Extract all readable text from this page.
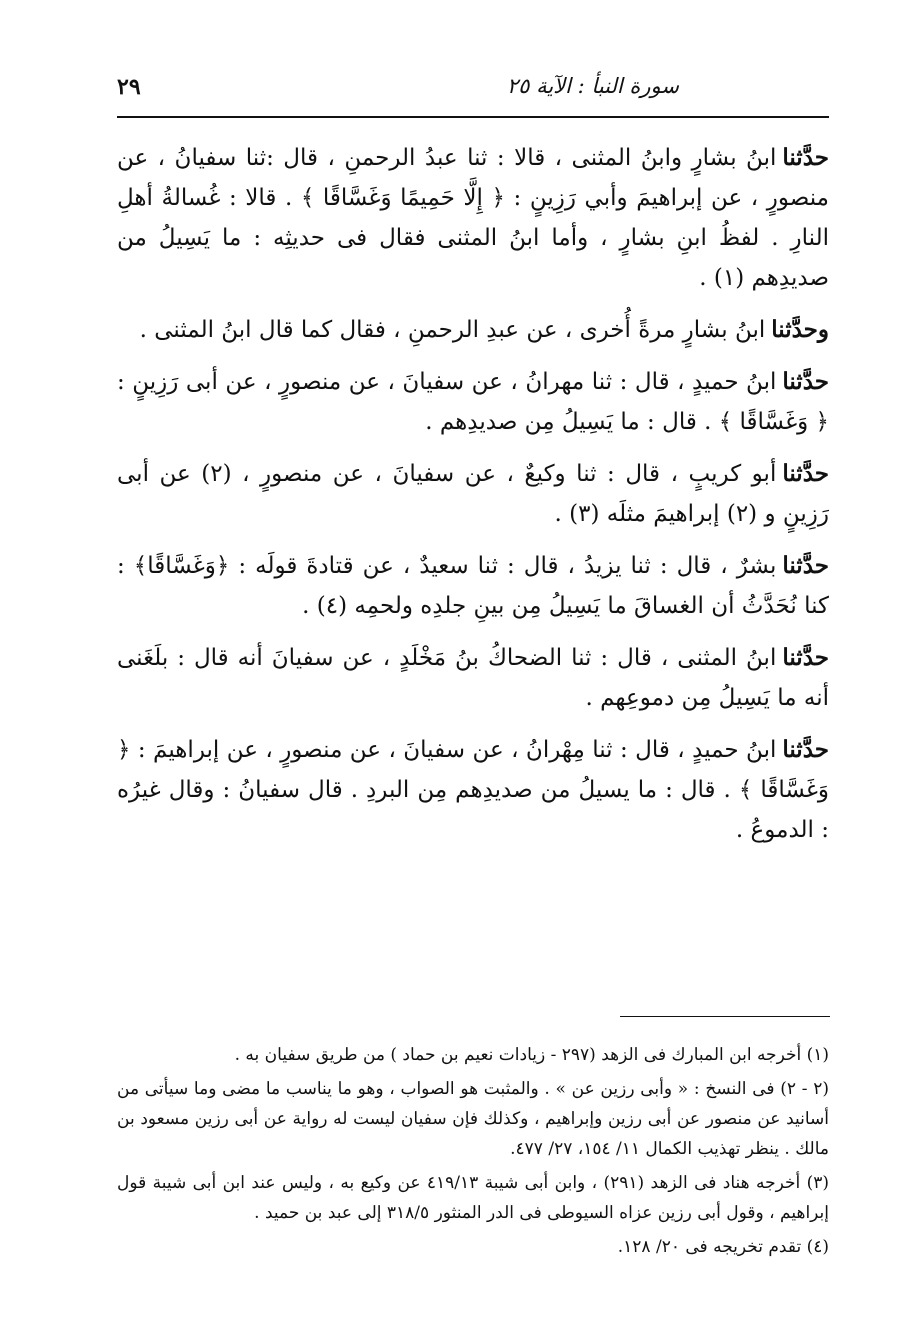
سورة النبأ : الآية ٢٥
٢٩

حدَّثناابنُ بشارٍ وابنُ المثنى ، قالا : ثنا عبدُ الرحمنِ ، قال :ثنا سفيانُ ، عن منصورٍ ، عن إبراهيمَ وأبي رَزِينٍ : ﴿ إِلَّا حَمِيمًا وَغَسَّاقًا ﴾ . قالا : غُسالةُ أهلِ النارِ . لفظُ ابنِ بشارٍ ، وأما ابنُ المثنى فقال فى حديثِه : ما يَسِيلُ من صديدِهم (١) .

وحدَّثناابنُ بشارٍ مرةً أُخرى ، عن عبدِ الرحمنِ ، فقال كما قال ابنُ المثنى .

حدَّثناابنُ حميدٍ ، قال : ثنا مهرانُ ، عن سفيانَ ، عن منصورٍ ، عن أبى رَزِينٍ : ﴿ وَغَسَّاقًا ﴾ . قال : ما يَسِيلُ مِن صديدِهم .

حدَّثناأبو كريبٍ ، قال : ثنا وكيعٌ ، عن سفيانَ ، عن منصورٍ ، (٢) عن أبى رَزِينٍ و (٢) إبراهيمَ مثلَه (٣) .

حدَّثنابشرٌ ، قال : ثنا يزيدُ ، قال : ثنا سعيدٌ ، عن قتادةَ قولَه : ﴿وَغَسَّاقًا﴾ : كنا نُحَدَّثُ أن الغساقَ ما يَسِيلُ مِن بينِ جلدِه ولحمِه (٤) .

حدَّثناابنُ المثنى ، قال : ثنا الضحاكُ بنُ مَخْلَدٍ ، عن سفيانَ أنه قال : بلَغَنى أنه ما يَسِيلُ مِن دموعِهم .

حدَّثناابنُ حميدٍ ، قال : ثنا مِهْرانُ ، عن سفيانَ ، عن منصورٍ ، عن إبراهيمَ : ﴿ وَغَسَّاقًا ﴾ . قال : ما يسيلُ من صديدِهم مِن البردِ . قال سفيانُ : وقال غيرُه : الدموعُ .

(١) أخرجه ابن المبارك فى الزهد (٢٩٧ - زيادات نعيم بن حماد ) من طريق سفيان به .

(٢ - ٢) فى النسخ : « وأبى رزين عن » . والمثبت هو الصواب ، وهو ما يناسب ما مضى وما سيأتى من أسانيد عن منصور عن أبى رزين وإبراهيم ، وكذلك فإن سفيان ليست له رواية عن أبى رزين مسعود بن مالك . ينظر تهذيب الكمال ١١/ ١٥٤، ٢٧/ ٤٧٧.

(٣) أخرجه هناد فى الزهد (٢٩١) ، وابن أبى شيبة ٤١٩/١٣ عن وكيع به ، وليس عند ابن أبى شيبة قول إبراهيم ، وقول أبى رزين عزاه السيوطى فى الدر المنثور ٣١٨/٥ إلى عبد بن حميد .

(٤) تقدم تخريجه فى ٢٠/ ١٢٨.
